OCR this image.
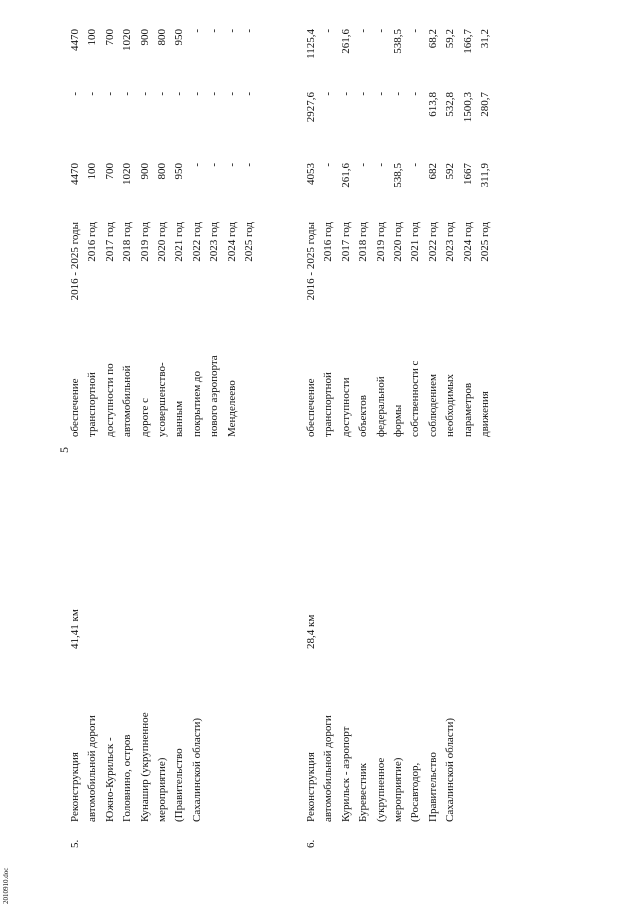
5
5.
Реконструкция автомобильной дороги Южно-Курильск - Головнино, остров Кунашир (укрупненное мероприятие) (Правительство Сахалинской области)
41,41 км
обеспечение транспортной доступности по автомобильной дороге с усовершенство- ванным покрытием до нового аэропорта Менделеево
2016 - 2025 годы 2016 год 2017 год 2018 год 2019 год 2020 год 2021 год 2022 год 2023 год 2024 год 2025 год
4470 100 700 1020 900 800 950 - - - -
- - - - - - - - - - -
4470 100 700 1020 900 800 950 - - - -
6.
Реконструкция автомобильной дороги Курильск - аэропорт Буревестник (укрупненное мероприятие) (Росавтодор, Правительство Сахалинской области)
28,4 км
обеспечение транспортной доступности объектов федеральной формы собственности с соблюдением необходимых параметров движения
2016 - 2025 годы 2016 год 2017 год 2018 год 2019 год 2020 год 2021 год 2022 год 2023 год 2024 год 2025 год
4053 - 261,6 - - 538,5 - 682 592 1667 311,9
2927,6 - - - - - - 613,8 532,8 1500,3 280,7
1125,4 - 261,6 - - 538,5 - 68,2 59,2 166,7 31,2
2010910.doc
